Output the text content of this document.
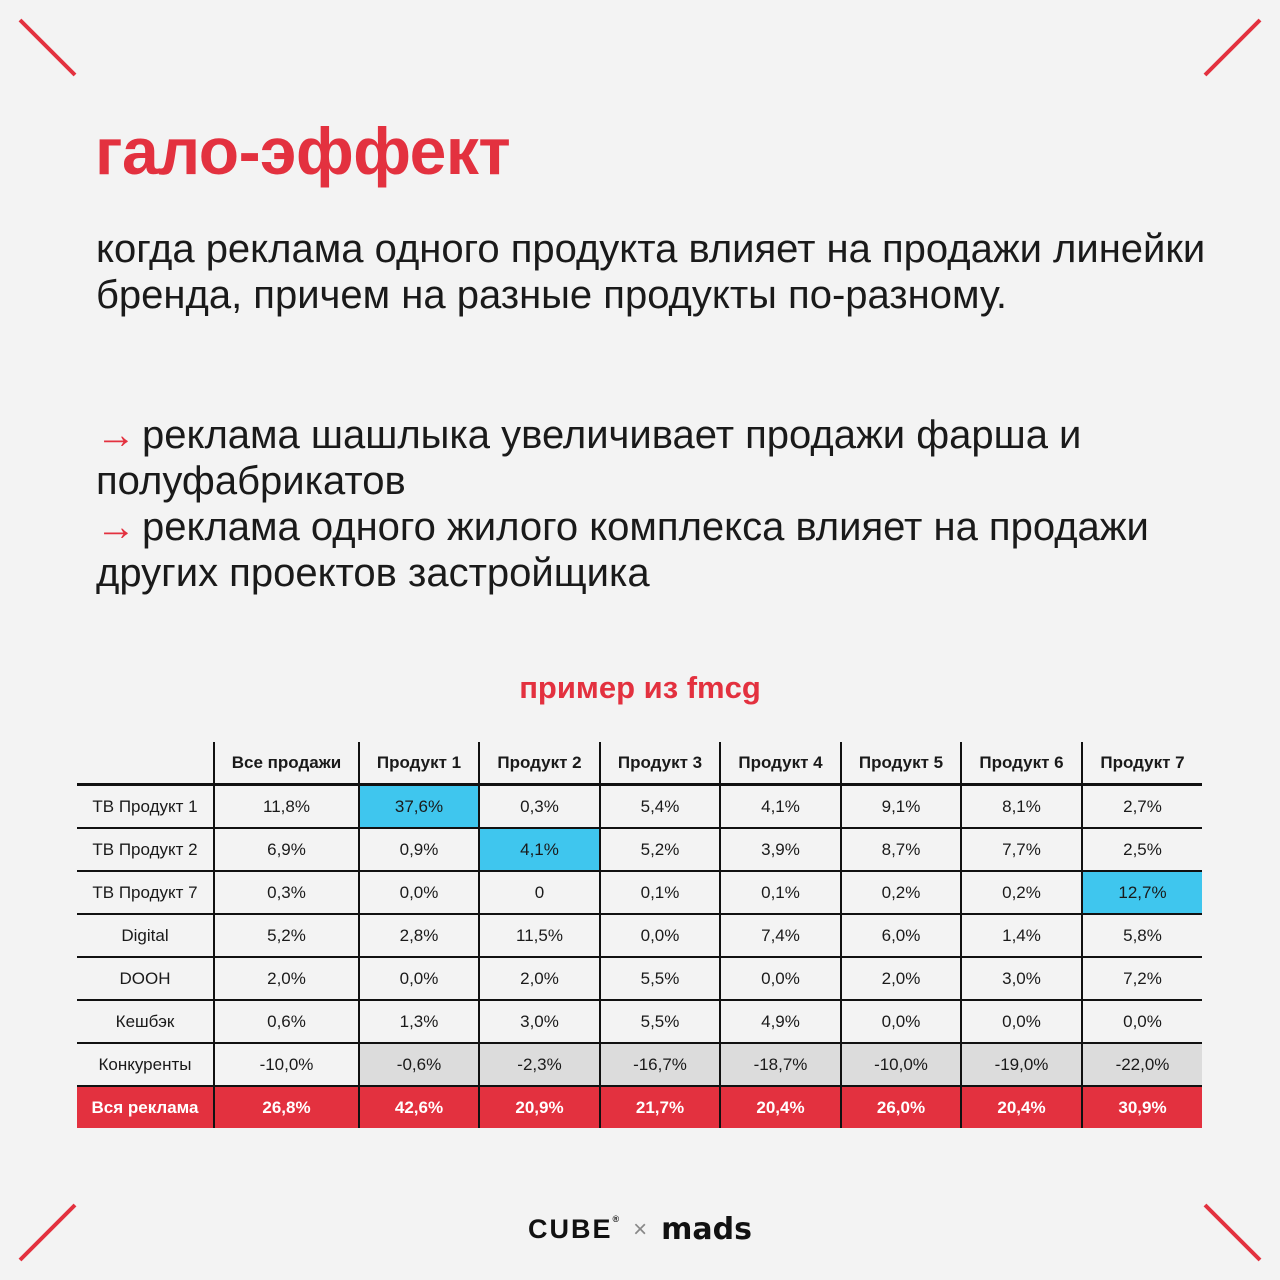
гало-эффект

когда реклама одного продукта влияет на продажи линейки бренда, причем на разные продукты по-разному.

→ реклама шашлыка увеличивает продажи фарша и полуфабрикатов
→ реклама одного жилого комплекса влияет на продажи других проектов застройщика
пример из fmcg
	Все продажи	Продукт 1	Продукт 2	Продукт 3	Продукт 4	Продукт 5	Продукт 6	Продукт 7
ТВ Продукт 1	11,8%	37,6%	0,3%	5,4%	4,1%	9,1%	8,1%	2,7%
ТВ Продукт 2	6,9%	0,9%	4,1%	5,2%	3,9%	8,7%	7,7%	2,5%
ТВ Продукт 7	0,3%	0,0%	0	0,1%	0,1%	0,2%	0,2%	12,7%
Digital	5,2%	2,8%	11,5%	0,0%	7,4%	6,0%	1,4%	5,8%
DOOH	2,0%	0,0%	2,0%	5,5%	0,0%	2,0%	3,0%	7,2%
Кешбэк	0,6%	1,3%	3,0%	5,5%	4,9%	0,0%	0,0%	0,0%
Конкуренты	-10,0%	-0,6%	-2,3%	-16,7%	-18,7%	-10,0%	-19,0%	-22,0%
Вся реклама	26,8%	42,6%	20,9%	21,7%	20,4%	26,0%	20,4%	30,9%
CUBE® × mads
